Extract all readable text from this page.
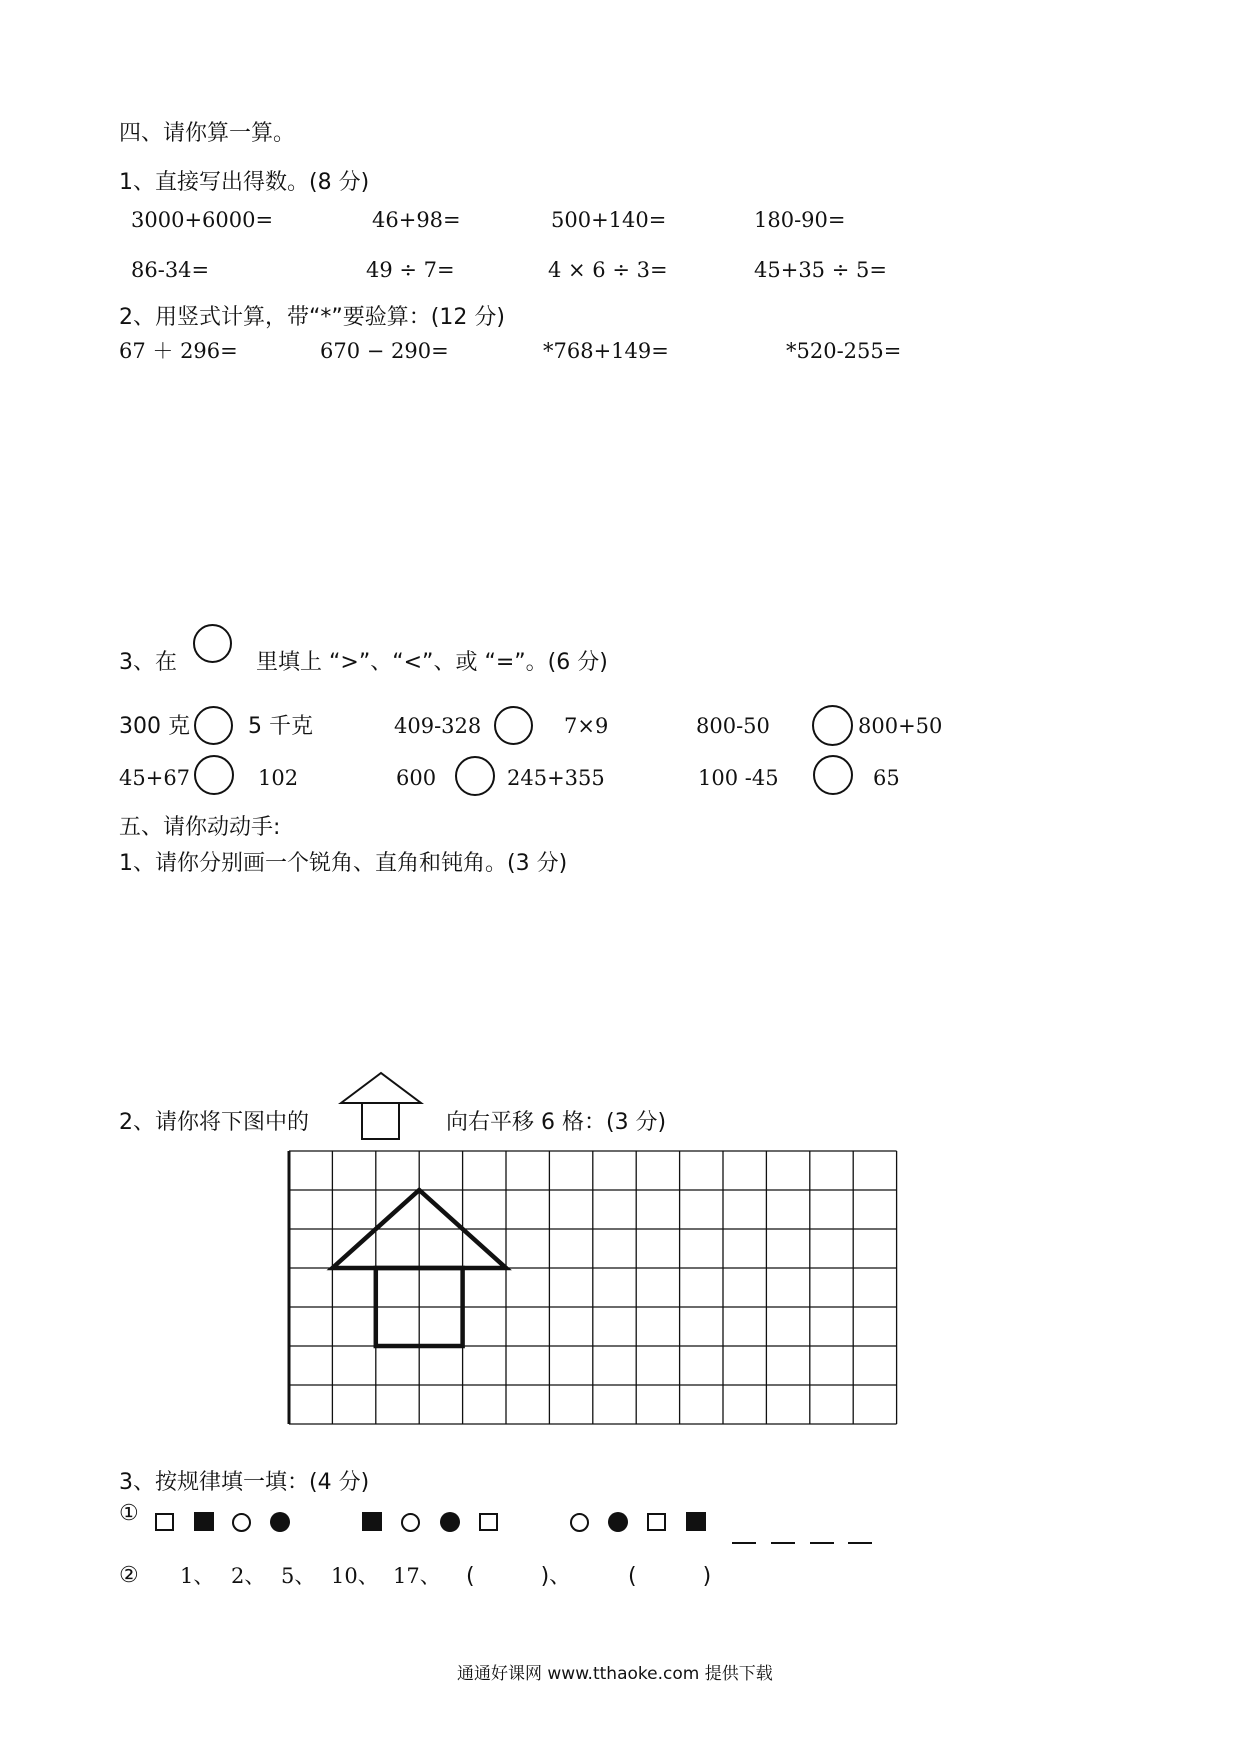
四、请你算一算。
1、直接写出得数。(8 分)
3000+6000=	46+98=	500+140=	180-90=
86-34=	49 ÷ 7=	4 × 6 ÷ 3=	45+35 ÷ 5=
2、用竖式计算，带“*”要验算：(12 分)
67 ＋ 296=	670 − 290=	*768+149=	*520-255=
3、在	里填上 “>”、“<”、或 “=”。(6 分)
300 克	5 千克	409-328	7×9	800-50	800+50
45+67	102	600	245+355	100 -45	65
五、请你动动手:
1、请你分别画一个锐角、直角和钝角。(3 分)
2、请你将下图中的	向右平移 6 格：(3 分)
3、按规律填一填：(4 分)
①
② 1、 2、 5、 10、 17、 (　　　)、	(　　　)
通通好课网 www.tthaoke.com 提供下载
